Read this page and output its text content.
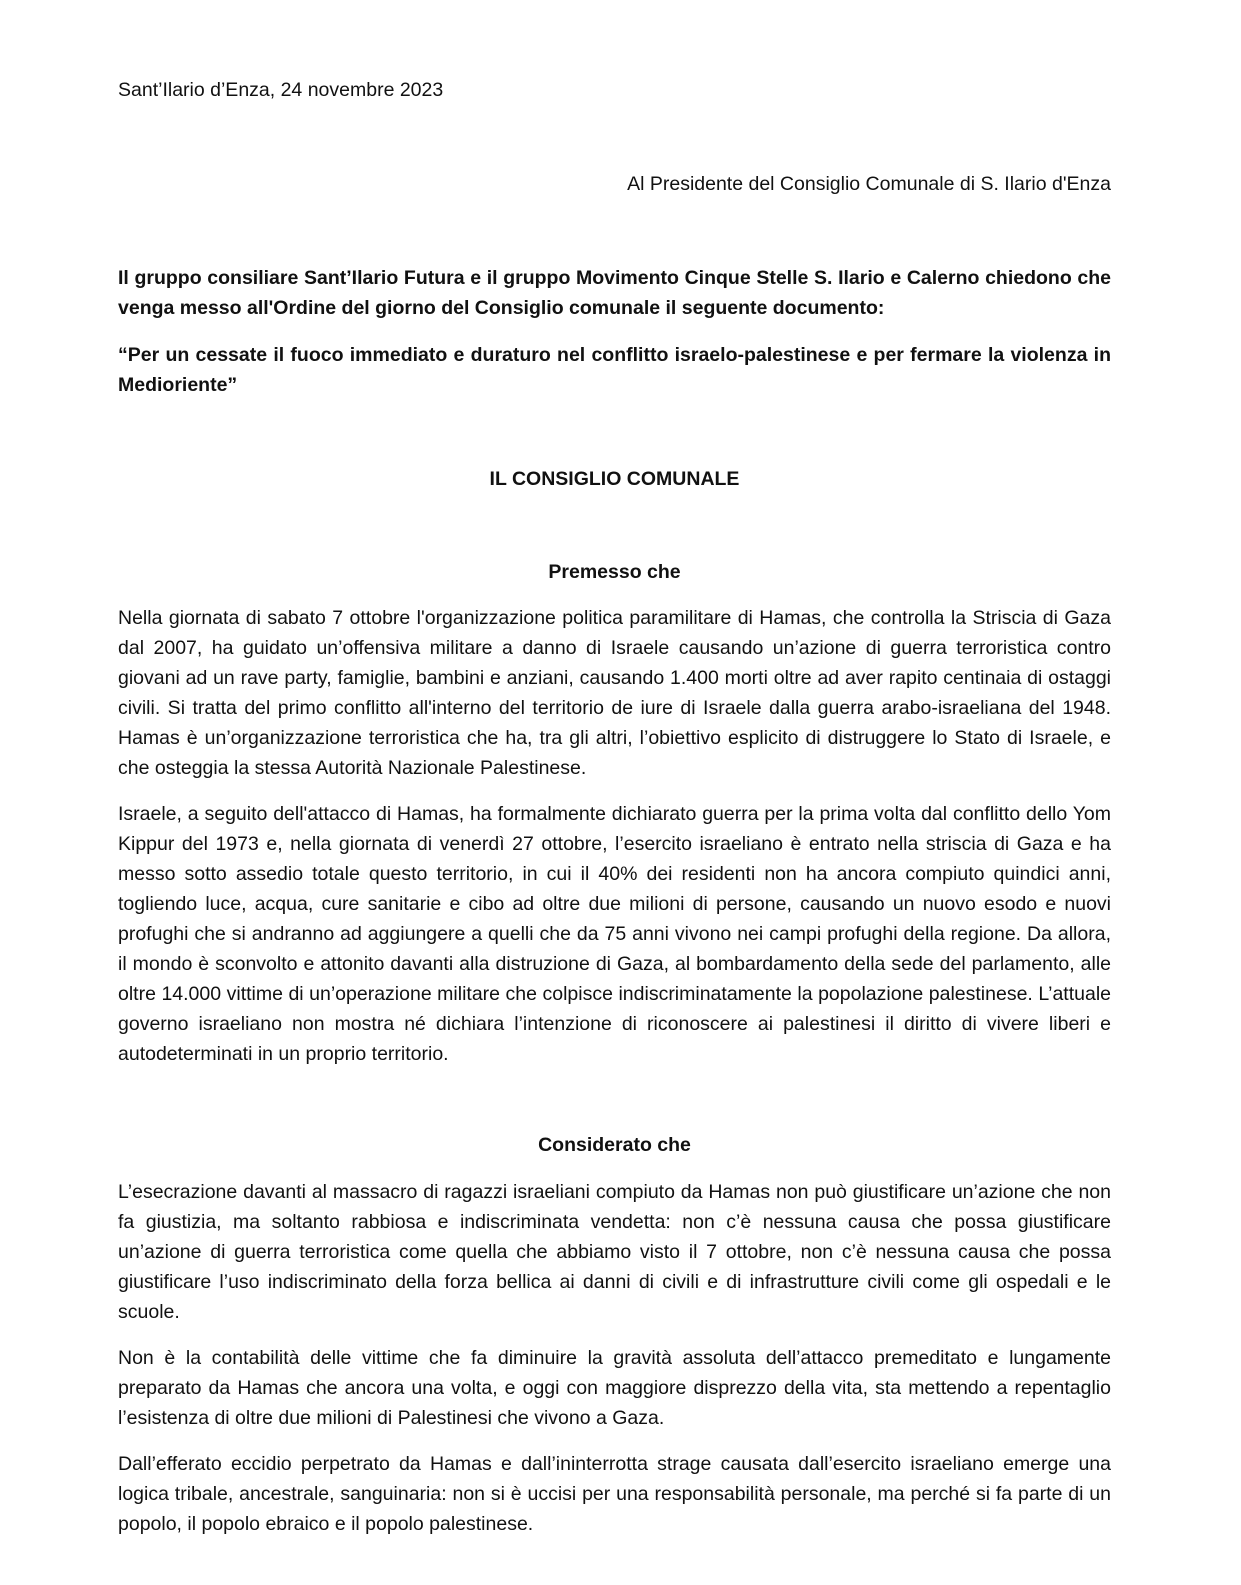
Sant’Ilario d’Enza, 24 novembre 2023

Al Presidente del Consiglio Comunale di S. Ilario d'Enza

Il gruppo consiliare Sant’Ilario Futura e il gruppo Movimento Cinque Stelle S. Ilario e Calerno chiedono che venga messo all'Ordine del giorno del Consiglio comunale il seguente documento:

“Per un cessate il fuoco immediato e duraturo nel conflitto israelo-palestinese e per fermare la violenza in Medioriente”

IL CONSIGLIO COMUNALE

Premesso che

Nella giornata di sabato 7 ottobre l'organizzazione politica paramilitare di Hamas, che controlla la Striscia di Gaza dal 2007, ha guidato un’offensiva militare a danno di Israele causando un’azione di guerra terroristica contro giovani ad un rave party, famiglie, bambini e anziani, causando 1.400 morti oltre ad aver rapito centinaia di ostaggi civili. Si tratta del primo conflitto all'interno del territorio de iure di Israele dalla guerra arabo-israeliana del 1948. Hamas è un’organizzazione terroristica che ha, tra gli altri, l’obiettivo esplicito di distruggere lo Stato di Israele, e che osteggia la stessa Autorità Nazionale Palestinese.

Israele, a seguito dell'attacco di Hamas, ha formalmente dichiarato guerra per la prima volta dal conflitto dello Yom Kippur del 1973 e, nella giornata di venerdì 27 ottobre, l’esercito israeliano è entrato nella striscia di Gaza e ha messo sotto assedio totale questo territorio, in cui il 40% dei residenti non ha ancora compiuto quindici anni, togliendo luce, acqua, cure sanitarie e cibo ad oltre due milioni di persone, causando un nuovo esodo e nuovi profughi che si andranno ad aggiungere a quelli che da 75 anni vivono nei campi profughi della regione. Da allora, il mondo è sconvolto e attonito davanti alla distruzione di Gaza, al bombardamento della sede del parlamento, alle oltre 14.000 vittime di un’operazione militare che colpisce indiscriminatamente la popolazione palestinese. L’attuale governo israeliano non mostra né dichiara l’intenzione di riconoscere ai palestinesi il diritto di vivere liberi e autodeterminati in un proprio territorio.

Considerato che

L’esecrazione davanti al massacro di ragazzi israeliani compiuto da Hamas non può giustificare un’azione che non fa giustizia, ma soltanto rabbiosa e indiscriminata vendetta: non c’è nessuna causa che possa giustificare un’azione di guerra terroristica come quella che abbiamo visto il 7 ottobre, non c’è nessuna causa che possa giustificare l’uso indiscriminato della forza bellica ai danni di civili e di infrastrutture civili come gli ospedali e le scuole.

Non è la contabilità delle vittime che fa diminuire la gravità assoluta dell’attacco premeditato e lungamente preparato da Hamas che ancora una volta, e oggi con maggiore disprezzo della vita, sta mettendo a repentaglio l’esistenza di oltre due milioni di Palestinesi che vivono a Gaza.

Dall’efferato eccidio perpetrato da Hamas e dall’ininterrotta strage causata dall’esercito israeliano emerge una logica tribale, ancestrale, sanguinaria: non si è uccisi per una responsabilità personale, ma perché si fa parte di un popolo, il popolo ebraico e il popolo palestinese.
